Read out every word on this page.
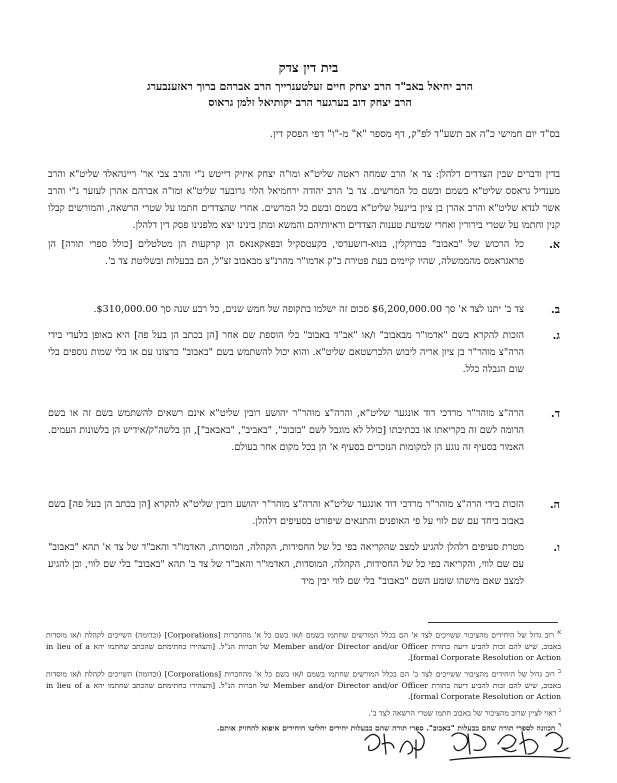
בית דין צדק
הרב יחיאל באב"ד הרב יצחק חיים זעלטענרייך הרב אברהם ברוך ראזענבערג
הרב יצחק דוב בערגער הרב יקותיאל זלמן גראוס
בס"ד יום חמישי כ"ה אב תשע"ד לפ"ק, דף מספר "א" מ-"ו" דפי הפסק דין.
בדין ודברים שבין הצדדים דלהלן: צד א' הרב שמחה ראטה שליט"א ומו"ה יצחק איזיק דייטש נ"י והרב צבי אר' ריינהאלד שליט"א והרב מענדיל גראסס שליט"א בשמם ובשם כל המרשים. צד ב' הרב יהודה ירחמיאל הלוי גרובער שליט"א ומו"ה אברהם אהרן לעזער נ"י והרב אשר לנדא שליט"א והרב אהרן בן ציון בייגעל שליט"א בשמם ובשם כל המרשים. אחרי שהצדדים חתמו על שטרי הרשאה, והמורשים קבלו קנין וחתמו על שטרי בירורין ואחרי שמיעת טענות הצדדים וראיותיהם והמשא ומתן בינינו יצא מלפנינו פסק דין דלהלן.
א.
כל הרכוש של "באבוב" בברוקלין, בנוא-דזשערסי, בקעטסקיל ובפאקאנאס הן קרקעות הן מטלטלים [כולל ספרי תורה] הן פראגראמס מהממשלה, שהיו קיימים בעת פטירת כ"ק אדמו"ר מהרנ"צ מבאבוב זצ"ל, הם בבעלות ובשליטת צד ב'.
ב.
צד ב' יתנו לצד א' סך $6,200,000.00 סכום זה ישלמו בתקופה של חמש שנים, כל רבע שנה סך $310,000.00.
ג.
הזכות להקרא בשם "אדמו"ר מבאבוב" ו/או "אב"ד באבוב" בלי הוספת שם אחר [הן בכתב הן בעל פה] היא באופן בלעדי בידי הרה"צ מוהר"ר בן ציון אריה ליבוש הלברשטאם שליט"א. והוא יכול להשתמש בשם "באבוב" כרצונו עם או בלי שמות נוספים בלי שום הגבלה כלל.
ד.
הרה"צ מוהר"ר מרדכי דוד אונגער שליט"א, והרה"צ מוהר"ר יהושע רובין שליט"א אינם רשאים להשתמש בשם זה או בשם הדומה לשם זה בקריאתו או בכתיבתו [כולל לא מוגבל לשם "בובוב", "באביב", "באבאב"], הן בלשה"ק/אידיש הן בלשונות העמים. האמור בסעיף זה נוגע הן למקומות הנזכרים בסעיף א' הן בכל מקום אחר בעולם.
ה.
הזכות בידי הרה"צ מוהר"ר מרדכי דוד אונגער שליט"א והרה"צ מוהר"ר יהושע רובין שליט"א להקרא [הן בכתב הן בעל פה] בשם באבוב ביחד עם שם לווי על פי האופנים והתנאים שיפורט בסעיפים דלהלן.
ו.
מטרת סעיפים דלהלן להגיע למצב שהקריאה בפי כל של החסידות, הקהלה, המוסדות, האדמו"ר והאב"ד של צד א' תהא "באבוב" עם שם לווי, והקריאה בפי כל של החסידות, הקהלה, המוסדות, האדמו"ר והאב"ד של צד ב' תהא "באבוב" בלי שם לווי, וכן להגיע למצב שאם מישהו שומע השם "באבוב" בלי שם לווי יבין מיד
$^א$ רוב גדול של היחידים מהציבור ששייכים לצד א' הם בכלל המורשים שחתמו בשמם ו/או בשם כל א' מהחברות [Corporations] (וכדומה) השייכים לקהלת ו/או מוסדות באבוב, שיש להם זכות להביע דיעה בתורת Member and/or Director and/or Officer של חברות הנ"ל. [והצהירו בחתימתם שהכתב שחתמו יהא in lieu of a formal Corporate Resolution or Action].
$^ב$ רוב גדול של היחידים מהציבור ששייכים לצד ב' הם בכלל המורשים שחתמו בשמם ו/או בשם כל א' מהחברות [Corporations] (וכדומה) השייכים לקהלת ו/או מוסדות באבוב, שיש להם זכות להביע דיעה בתורת Member and/or Director and/or Officer של חברות הנ"ל. [והצהירו בחתימתם שהכתב שחתמו יהא in lieu of a formal Corporate Resolution or Action].
$^ג$ ראוי לציין שרוב מהציבור של באבוב חתמו שטרי הרשאה לצד ב'.
$^ד$ הכוונה לספרי תורה שהם בבעלות "באבוב". ספרי תורה שהם בבעלות יחידים יחליטו היחידים איפוא להחזיק אותם.
